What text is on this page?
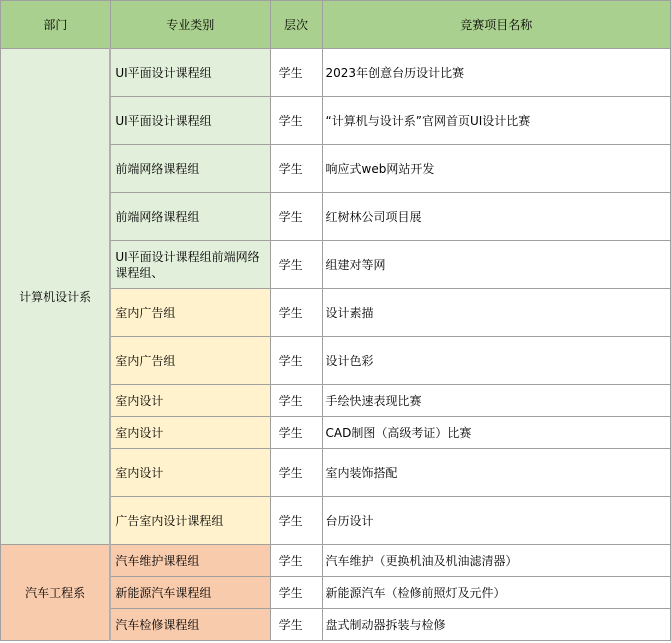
部门	专业类别	层次	竞赛项目名称
计算机设计系	UI平面设计课程组	学生	2023年创意台历设计比赛
	UI平面设计课程组	学生	“计算机与设计系”官网首页UI设计比赛
	前端网络课程组	学生	响应式web网站开发
	前端网络课程组	学生	红树林公司项目展
	UI平面设计课程组前端网络课程组、	学生	组建对等网
	室内广告组	学生	设计素描
	室内广告组	学生	设计色彩
	室内设计	学生	手绘快速表现比赛
	室内设计	学生	CAD制图（高级考证）比赛
	室内设计	学生	室内装饰搭配
	广告室内设计课程组	学生	台历设计
汽车工程系	汽车维护课程组	学生	汽车维护（更换机油及机油滤清器）
	新能源汽车课程组	学生	新能源汽车（检修前照灯及元件）
	汽车检修课程组	学生	盘式制动器拆装与检修
